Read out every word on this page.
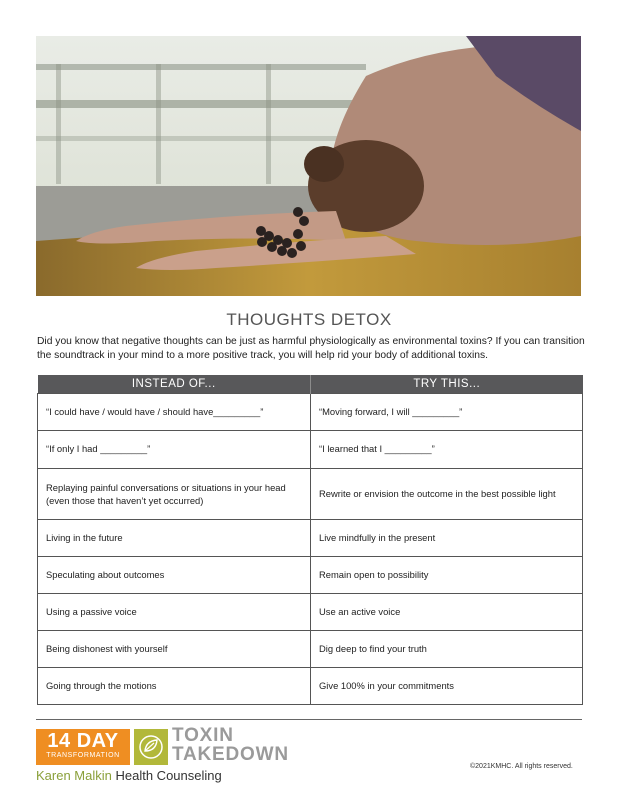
THOUGHTS DETOX
Did you know that negative thoughts can be just as harmful physiologically as environmental toxins? If you can transition the soundtrack in your mind to a more positive track, you will help rid your body of additional toxins.
INSTEAD OF...	TRY THIS...
“I could have / would have / should have_________”	“Moving forward, I will _________”
“If only I had _________”	“I learned that I _________”
Replaying painful conversations or situations in your head (even those that haven’t yet occurred)	Rewrite or envision the outcome in the best possible light
Living in the future	Live mindfully in the present
Speculating about outcomes	Remain open to possibility
Using a passive voice	Use an active voice
Being dishonest with yourself	Dig deep to find your truth
Going through the motions	Give 100% in your commitments
14 DAY
TRANSFORMATION
TOXIN
TAKEDOWN
Karen Malkin Health Counseling
©2021KMHC. All rights reserved.
